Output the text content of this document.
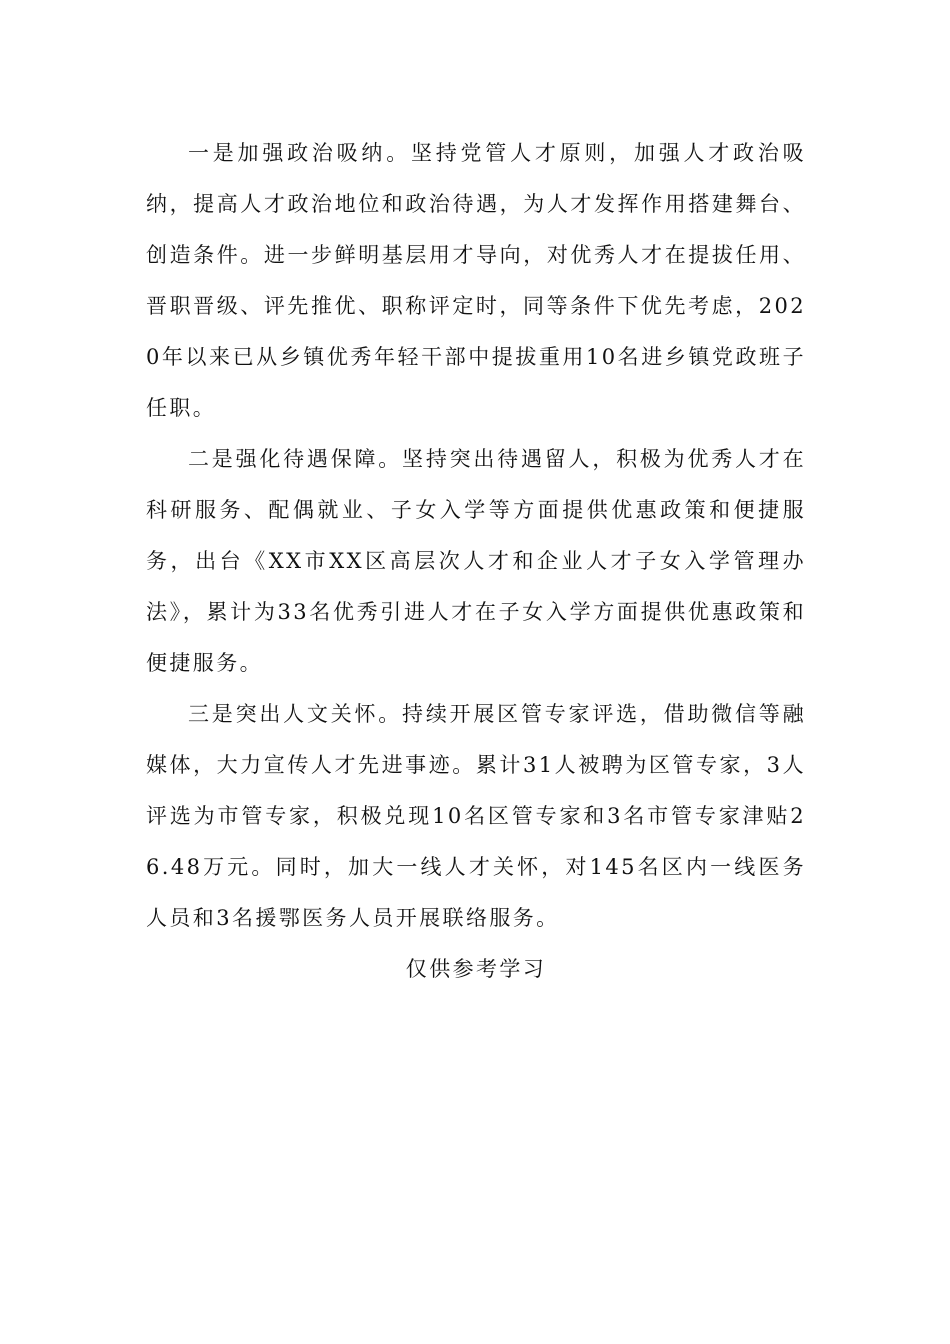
一是加强政治吸纳。坚持党管人才原则，加强人才政治吸纳，提高人才政治地位和政治待遇，为人才发挥作用搭建舞台、创造条件。进一步鲜明基层用才导向，对优秀人才在提拔任用、晋职晋级、评先推优、职称评定时，同等条件下优先考虑，2020年以来已从乡镇优秀年轻干部中提拔重用10名进乡镇党政班子任职。

二是强化待遇保障。坚持突出待遇留人，积极为优秀人才在科研服务、配偶就业、子女入学等方面提供优惠政策和便捷服务，出台《XX市XX区高层次人才和企业人才子女入学管理办法》，累计为33名优秀引进人才在子女入学方面提供优惠政策和便捷服务。

三是突出人文关怀。持续开展区管专家评选，借助微信等融媒体，大力宣传人才先进事迹。累计31人被聘为区管专家，3人评选为市管专家，积极兑现10名区管专家和3名市管专家津贴26.48万元。同时，加大一线人才关怀，对145名区内一线医务人员和3名援鄂医务人员开展联络服务。

仅供参考学习
